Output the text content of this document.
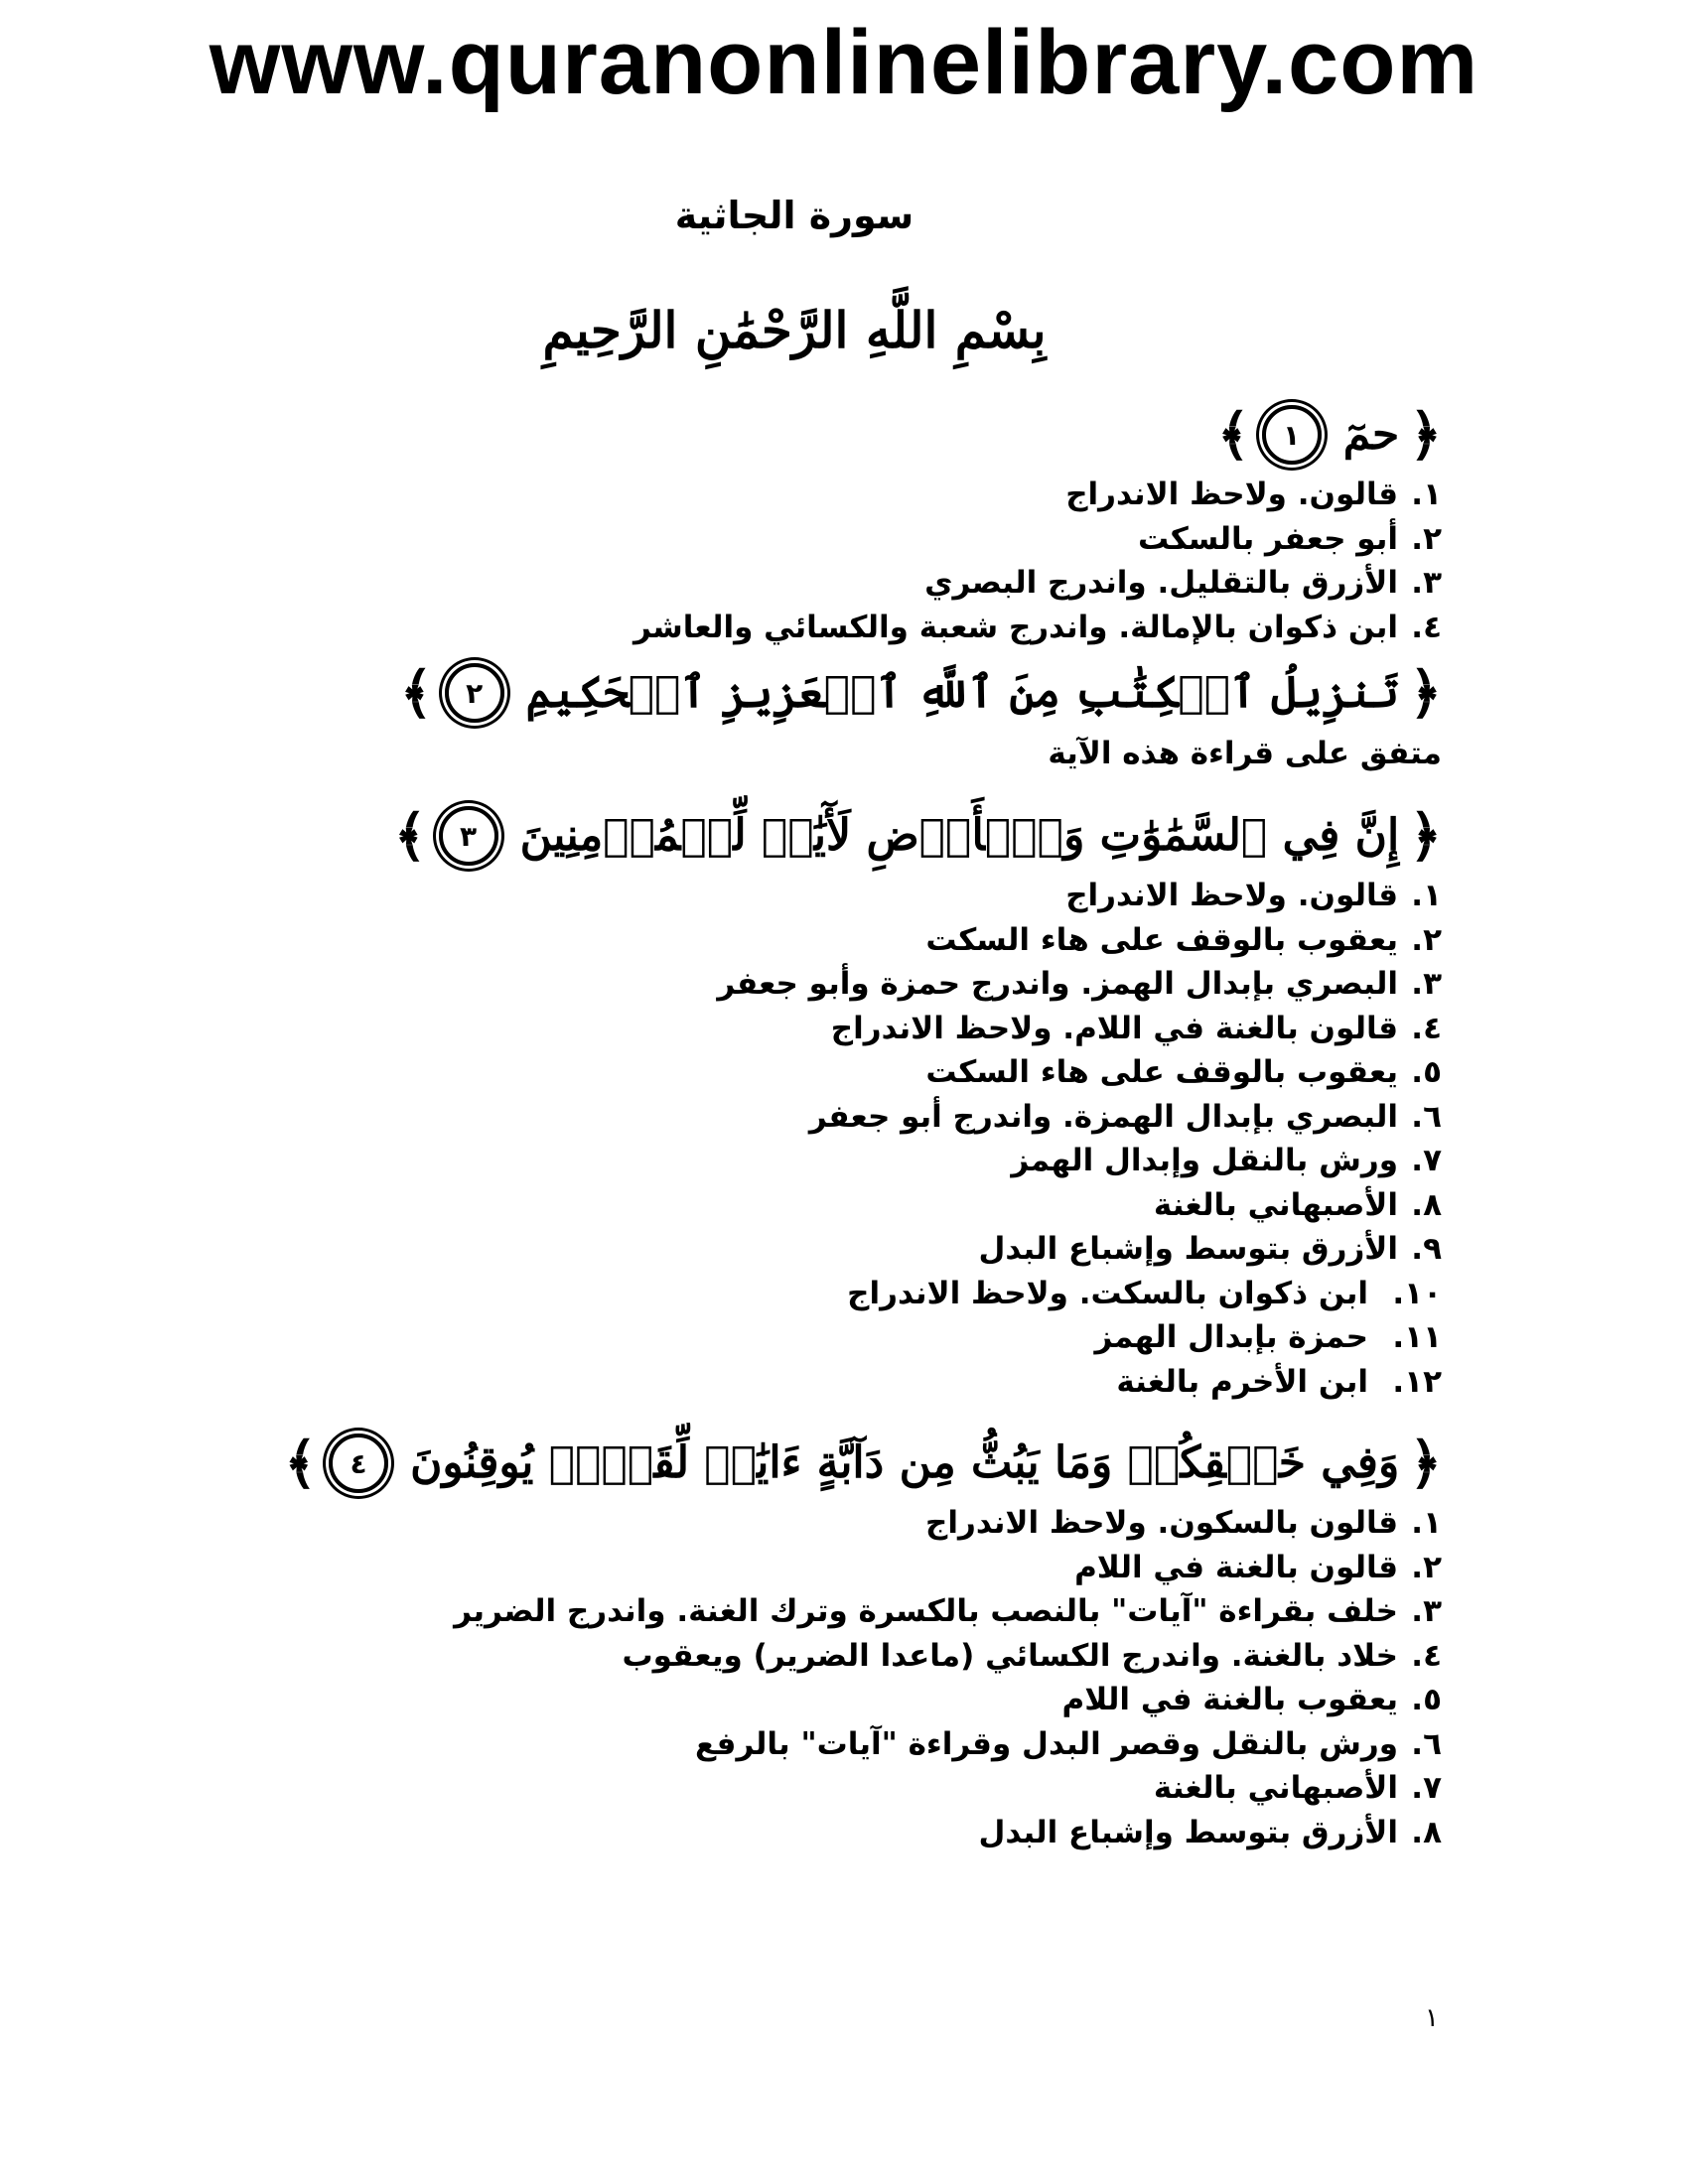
www.quranonlinelibrary.com
سورة الجاثية
بِسْمِ اللَّهِ الرَّحْمَٰنِ الرَّحِيمِ
﴿
حمٓ
١
﴾
١.
قالون. ولاحظ الاندراج
٢.
أبو جعفر بالسكت
٣.
الأزرق بالتقليل. واندرج البصري
٤.
ابن ذكوان بالإمالة. واندرج شعبة والكسائي والعاشر
﴿
تَنزِيلُ ٱلۡكِتَٰبِ مِنَ ٱللَّهِ ٱلۡعَزِيزِ ٱلۡحَكِيمِ
٢
﴾

متفق على قراءة هذه الآية

﴿
إِنَّ فِي ٱلسَّمَٰوَٰتِ وَٱلۡأَرۡضِ لَأٓيَٰتٖ لِّلۡمُؤۡمِنِينَ
٣
﴾
١.
قالون. ولاحظ الاندراج
٢.
يعقوب بالوقف على هاء السكت
٣.
البصري بإبدال الهمز. واندرج حمزة وأبو جعفر
٤.
قالون بالغنة في اللام. ولاحظ الاندراج
٥.
يعقوب بالوقف على هاء السكت
٦.
البصري بإبدال الهمزة. واندرج أبو جعفر
٧.
ورش بالنقل وإبدال الهمز
٨.
الأصبهاني بالغنة
٩.
الأزرق بتوسط وإشباع البدل
١٠.
ابن ذكوان بالسكت. ولاحظ الاندراج
١١.
حمزة بإبدال الهمز
١٢.
ابن الأخرم بالغنة
﴿
وَفِي خَلۡقِكُمۡ وَمَا يَبُثُّ مِن دَآبَّةٍ ءَايَٰتٞ لِّقَوۡمٖ يُوقِنُونَ
٤
﴾
١.
قالون بالسكون. ولاحظ الاندراج
٢.
قالون بالغنة في اللام
٣.
خلف بقراءة "آيات" بالنصب بالكسرة وترك الغنة. واندرج الضرير
٤.
خلاد بالغنة. واندرج الكسائي (ماعدا الضرير) ويعقوب
٥.
يعقوب بالغنة في اللام
٦.
ورش بالنقل وقصر البدل وقراءة "آيات" بالرفع
٧.
الأصبهاني بالغنة
٨.
الأزرق بتوسط وإشباع البدل
١
